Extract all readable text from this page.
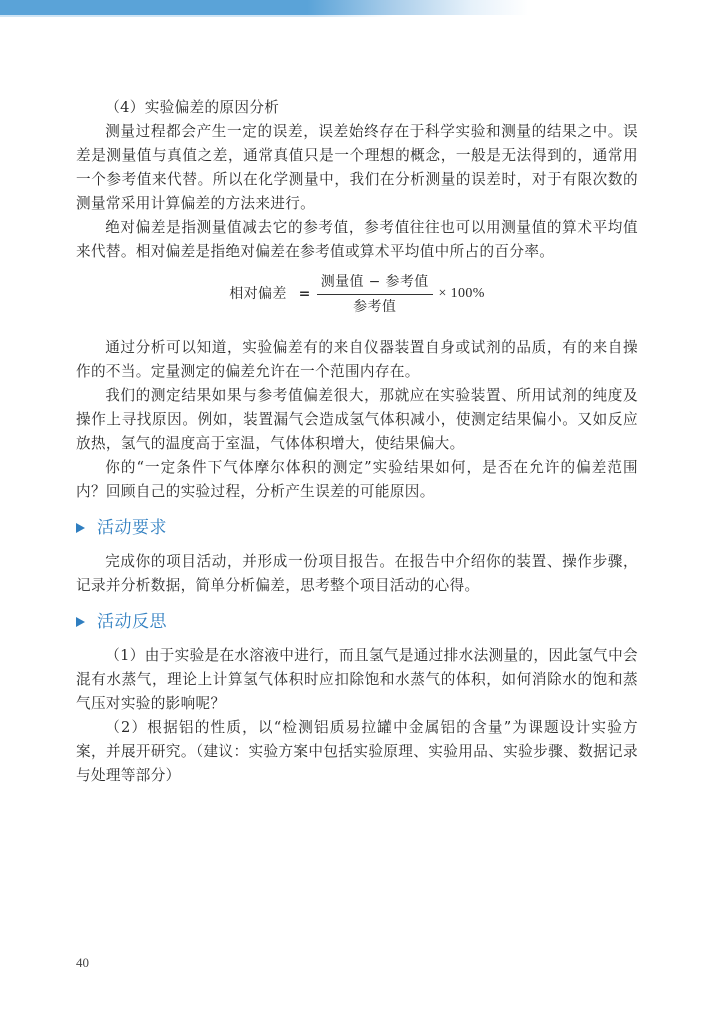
（4）实验偏差的原因分析

测量过程都会产生一定的误差，误差始终存在于科学实验和测量的结果之中。误差是测量值与真值之差，通常真值只是一个理想的概念，一般是无法得到的，通常用一个参考值来代替。所以在化学测量中，我们在分析测量的误差时，对于有限次数的测量常采用计算偏差的方法来进行。

绝对偏差是指测量值减去它的参考值，参考值往往也可以用测量值的算术平均值来代替。相对偏差是指绝对偏差在参考值或算术平均值中所占的百分率。

相对偏差 = $\frac{\text{测量值 − 参考值}}{\text{参考值}} \times 100\%$

通过分析可以知道，实验偏差有的来自仪器装置自身或试剂的品质，有的来自操作的不当。定量测定的偏差允许在一个范围内存在。

我们的测定结果如果与参考值偏差很大，那就应在实验装置、所用试剂的纯度及操作上寻找原因。例如，装置漏气会造成氢气体积减小，使测定结果偏小。又如反应放热，氢气的温度高于室温，气体体积增大，使结果偏大。

你的“一定条件下气体摩尔体积的测定”实验结果如何，是否在允许的偏差范围内？回顾自己的实验过程，分析产生误差的可能原因。

活动要求

完成你的项目活动，并形成一份项目报告。在报告中介绍你的装置、操作步骤，记录并分析数据，简单分析偏差，思考整个项目活动的心得。

活动反思

（1）由于实验是在水溶液中进行，而且氢气是通过排水法测量的，因此氢气中会混有水蒸气，理论上计算氢气体积时应扣除饱和水蒸气的体积，如何消除水的饱和蒸气压对实验的影响呢？

（2）根据铝的性质，以“检测铝质易拉罐中金属铝的含量”为课题设计实验方案，并展开研究。（建议：实验方案中包括实验原理、实验用品、实验步骤、数据记录与处理等部分）

40
